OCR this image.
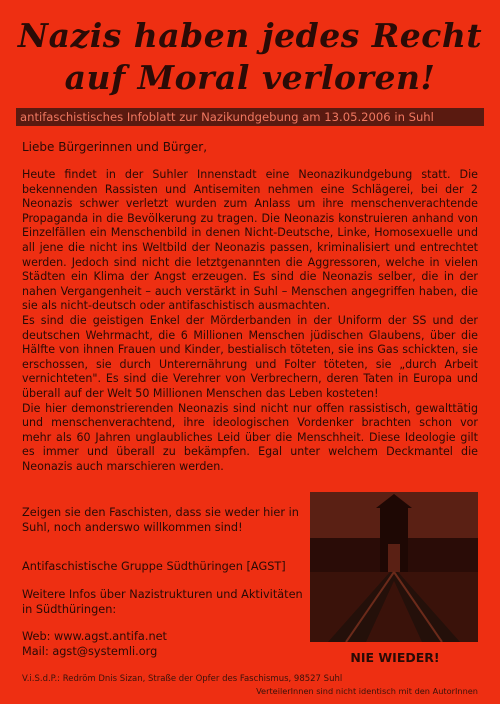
Nazis haben jedes Recht
auf Moral verloren!
antifaschistisches Infoblatt zur Nazikundgebung am 13.05.2006 in Suhl
Liebe Bürgerinnen und Bürger,

Heute findet in der Suhler Innenstadt eine Neonazikundgebung statt. Die bekennenden Rassisten und Antisemiten nehmen eine Schlägerei, bei der 2 Neonazis schwer verletzt wurden zum Anlass um ihre menschenverachtende Propaganda in die Bevölkerung zu tragen. Die Neonazis konstruieren anhand von Einzelfällen ein Menschenbild in denen Nicht-Deutsche, Linke, Homosexuelle und all jene die nicht ins Weltbild der Neonazis passen, kriminalisiert und entrechtet werden. Jedoch sind nicht die letztgenannten die Aggressoren, welche in vielen Städten ein Klima der Angst erzeugen. Es sind die Neonazis selber, die in der nahen Vergangenheit – auch verstärkt in Suhl – Menschen angegriffen haben, die sie als nicht-deutsch oder antifaschistisch ausmachten.

Es sind die geistigen Enkel der Mörderbanden in der Uniform der SS und der deutschen Wehrmacht, die 6 Millionen Menschen jüdischen Glaubens, über die Hälfte von ihnen Frauen und Kinder, bestialisch töteten, sie ins Gas schickten, sie erschossen, sie durch Unterernährung und Folter töteten, sie „durch Arbeit vernichteten". Es sind die Verehrer von Verbrechern, deren Taten in Europa und überall auf der Welt 50 Millionen Menschen das Leben kosteten!

Die hier demonstrierenden Neonazis sind nicht nur offen rassistisch, gewalttätig und menschenverachtend, ihre ideologischen Vordenker brachten schon vor mehr als 60 Jahren unglaubliches Leid über die Menschheit. Diese Ideologie gilt es immer und überall zu bekämpfen. Egal unter welchem Deckmantel die Neonazis auch marschieren werden.

Zeigen sie den Faschisten, dass sie weder hier in Suhl, noch anderswo willkommen sind!
Antifaschistische Gruppe Südthüringen [AGST]
Weitere Infos über Nazistrukturen und Aktivitäten in Südthüringen:
Web: www.agst.antifa.net
Mail: agst@systemli.org	NIE WIEDER!
V.i.S.d.P.: Redröm Dnis Sizan, Straße der Opfer des Faschismus, 98527 Suhl
VerteilerInnen sind nicht identisch mit den AutorInnen
